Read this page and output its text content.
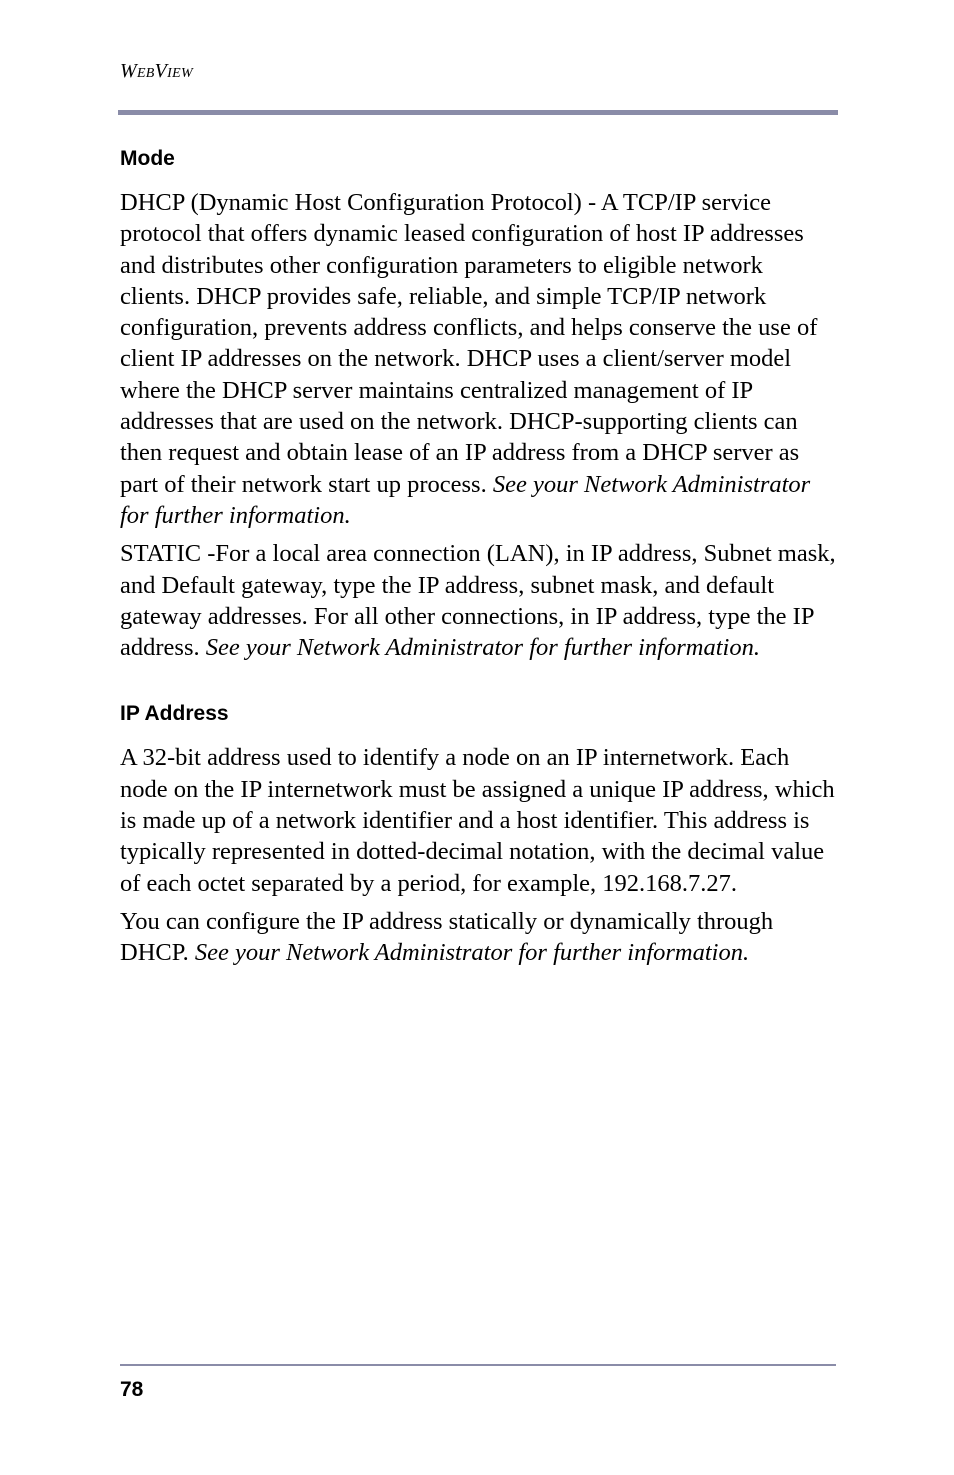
WebView
Mode

DHCP (Dynamic Host Configuration Protocol) - A TCP/IP service protocol that offers dynamic leased configuration of host IP addresses and distributes other configuration parameters to eligible network clients. DHCP provides safe, reliable, and simple TCP/IP network configuration, prevents address conflicts, and helps conserve the use of client IP addresses on the network. DHCP uses a client/server model where the DHCP server maintains centralized management of IP addresses that are used on the network. DHCP-supporting clients can then request and obtain lease of an IP address from a DHCP server as part of their network start up process. See your Network Administrator for further information.

STATIC -For a local area connection (LAN), in IP address, Subnet mask, and Default gateway, type the IP address, subnet mask, and default gateway addresses. For all other connections, in IP address, type the IP address. See your Network Administrator for further information.

IP Address

A 32-bit address used to identify a node on an IP internetwork. Each node on the IP internetwork must be assigned a unique IP address, which is made up of a network identifier and a host identifier. This address is typically represented in dotted-decimal notation, with the decimal value of each octet separated by a period, for example, 192.168.7.27.

You can configure the IP address statically or dynamically through DHCP. See your Network Administrator for further information.

78
